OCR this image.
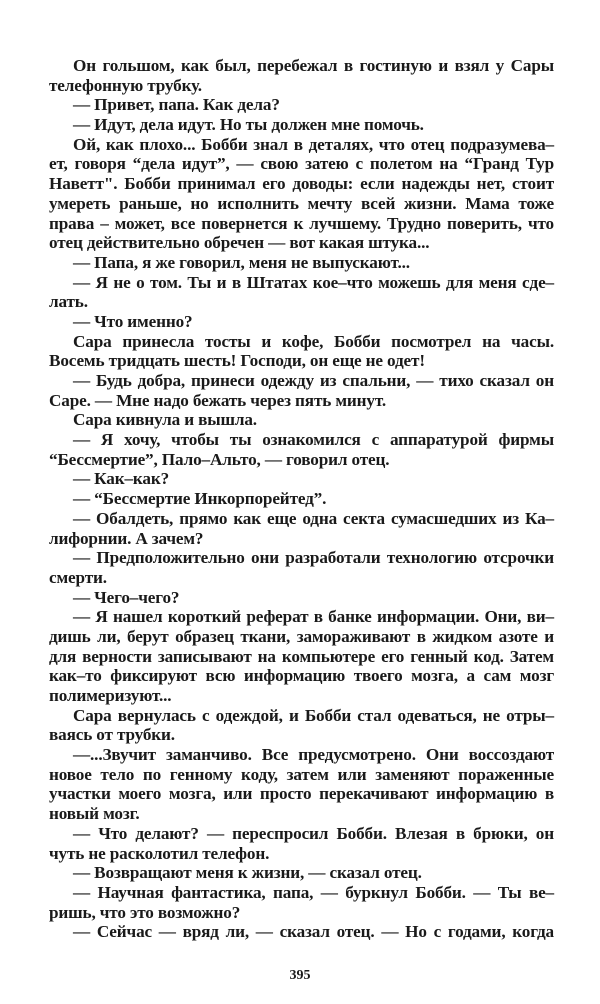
Он гольшом, как был, перебежал в гостиную и взял у Сары
телефонную трубку.
— Привет, папа. Как дела?
— Идут, дела идут. Но ты должен мне помочь.
Ой, как плохо... Бобби знал в деталях, что отец подразумева–
ет, говоря “дела идут”, — свою затею с полетом на “Гранд Тур
Наветт". Бобби принимал его доводы: если надежды нет, стоит
умереть раньше, но исполнить мечту всей жизни. Мама тоже
права – может, все повернется к лучшему. Трудно поверить, что
отец действительно обречен — вот какая штука...
— Папа, я же говорил, меня не выпускают...
— Я не о том. Ты и в Штатах кое–что можешь для меня сде–
лать.
— Что именно?
Сара принесла тосты и кофе, Бобби посмотрел на часы.
Восемь тридцать шесть! Господи, он еще не одет!
— Будь добра, принеси одежду из спальни, — тихо сказал он
Саре. — Мне надо бежать через пять минут.
Сара кивнула и вышла.
— Я хочу, чтобы ты ознакомился с аппаратурой фирмы
“Бессмертие”, Пало–Альто, — говорил отец.
— Как–как?
— “Бессмертие Инкорпорейтед”.
— Обалдеть, прямо как еще одна секта сумасшедших из Ка–
лифорнии. А зачем?
— Предположительно они разработали технологию отсрочки
смерти.
— Чего–чего?
— Я нашел короткий реферат в банке информации. Они, ви–
дишь ли, берут образец ткани, замораживают в жидком азоте и
для верности записывают на компьютере его генный код. Затем
как–то фиксируют всю информацию твоего мозга, а сам мозг
полимеризуют...
Сара вернулась с одеждой, и Бобби стал одеваться, не отры–
ваясь от трубки.
—...Звучит заманчиво. Все предусмотрено. Они воссоздают
новое тело по генному коду, затем или заменяют пораженные
участки моего мозга, или просто перекачивают информацию в
новый мозг.
— Что делают? — переспросил Бобби. Влезая в брюки, он
чуть не расколотил телефон.
— Возвращают меня к жизни, — сказал отец.
— Научная фантастика, папа, — буркнул Бобби. — Ты ве–
ришь, что это возможно?
— Сейчас — вряд ли, — сказал отец. — Но с годами, когда
395
